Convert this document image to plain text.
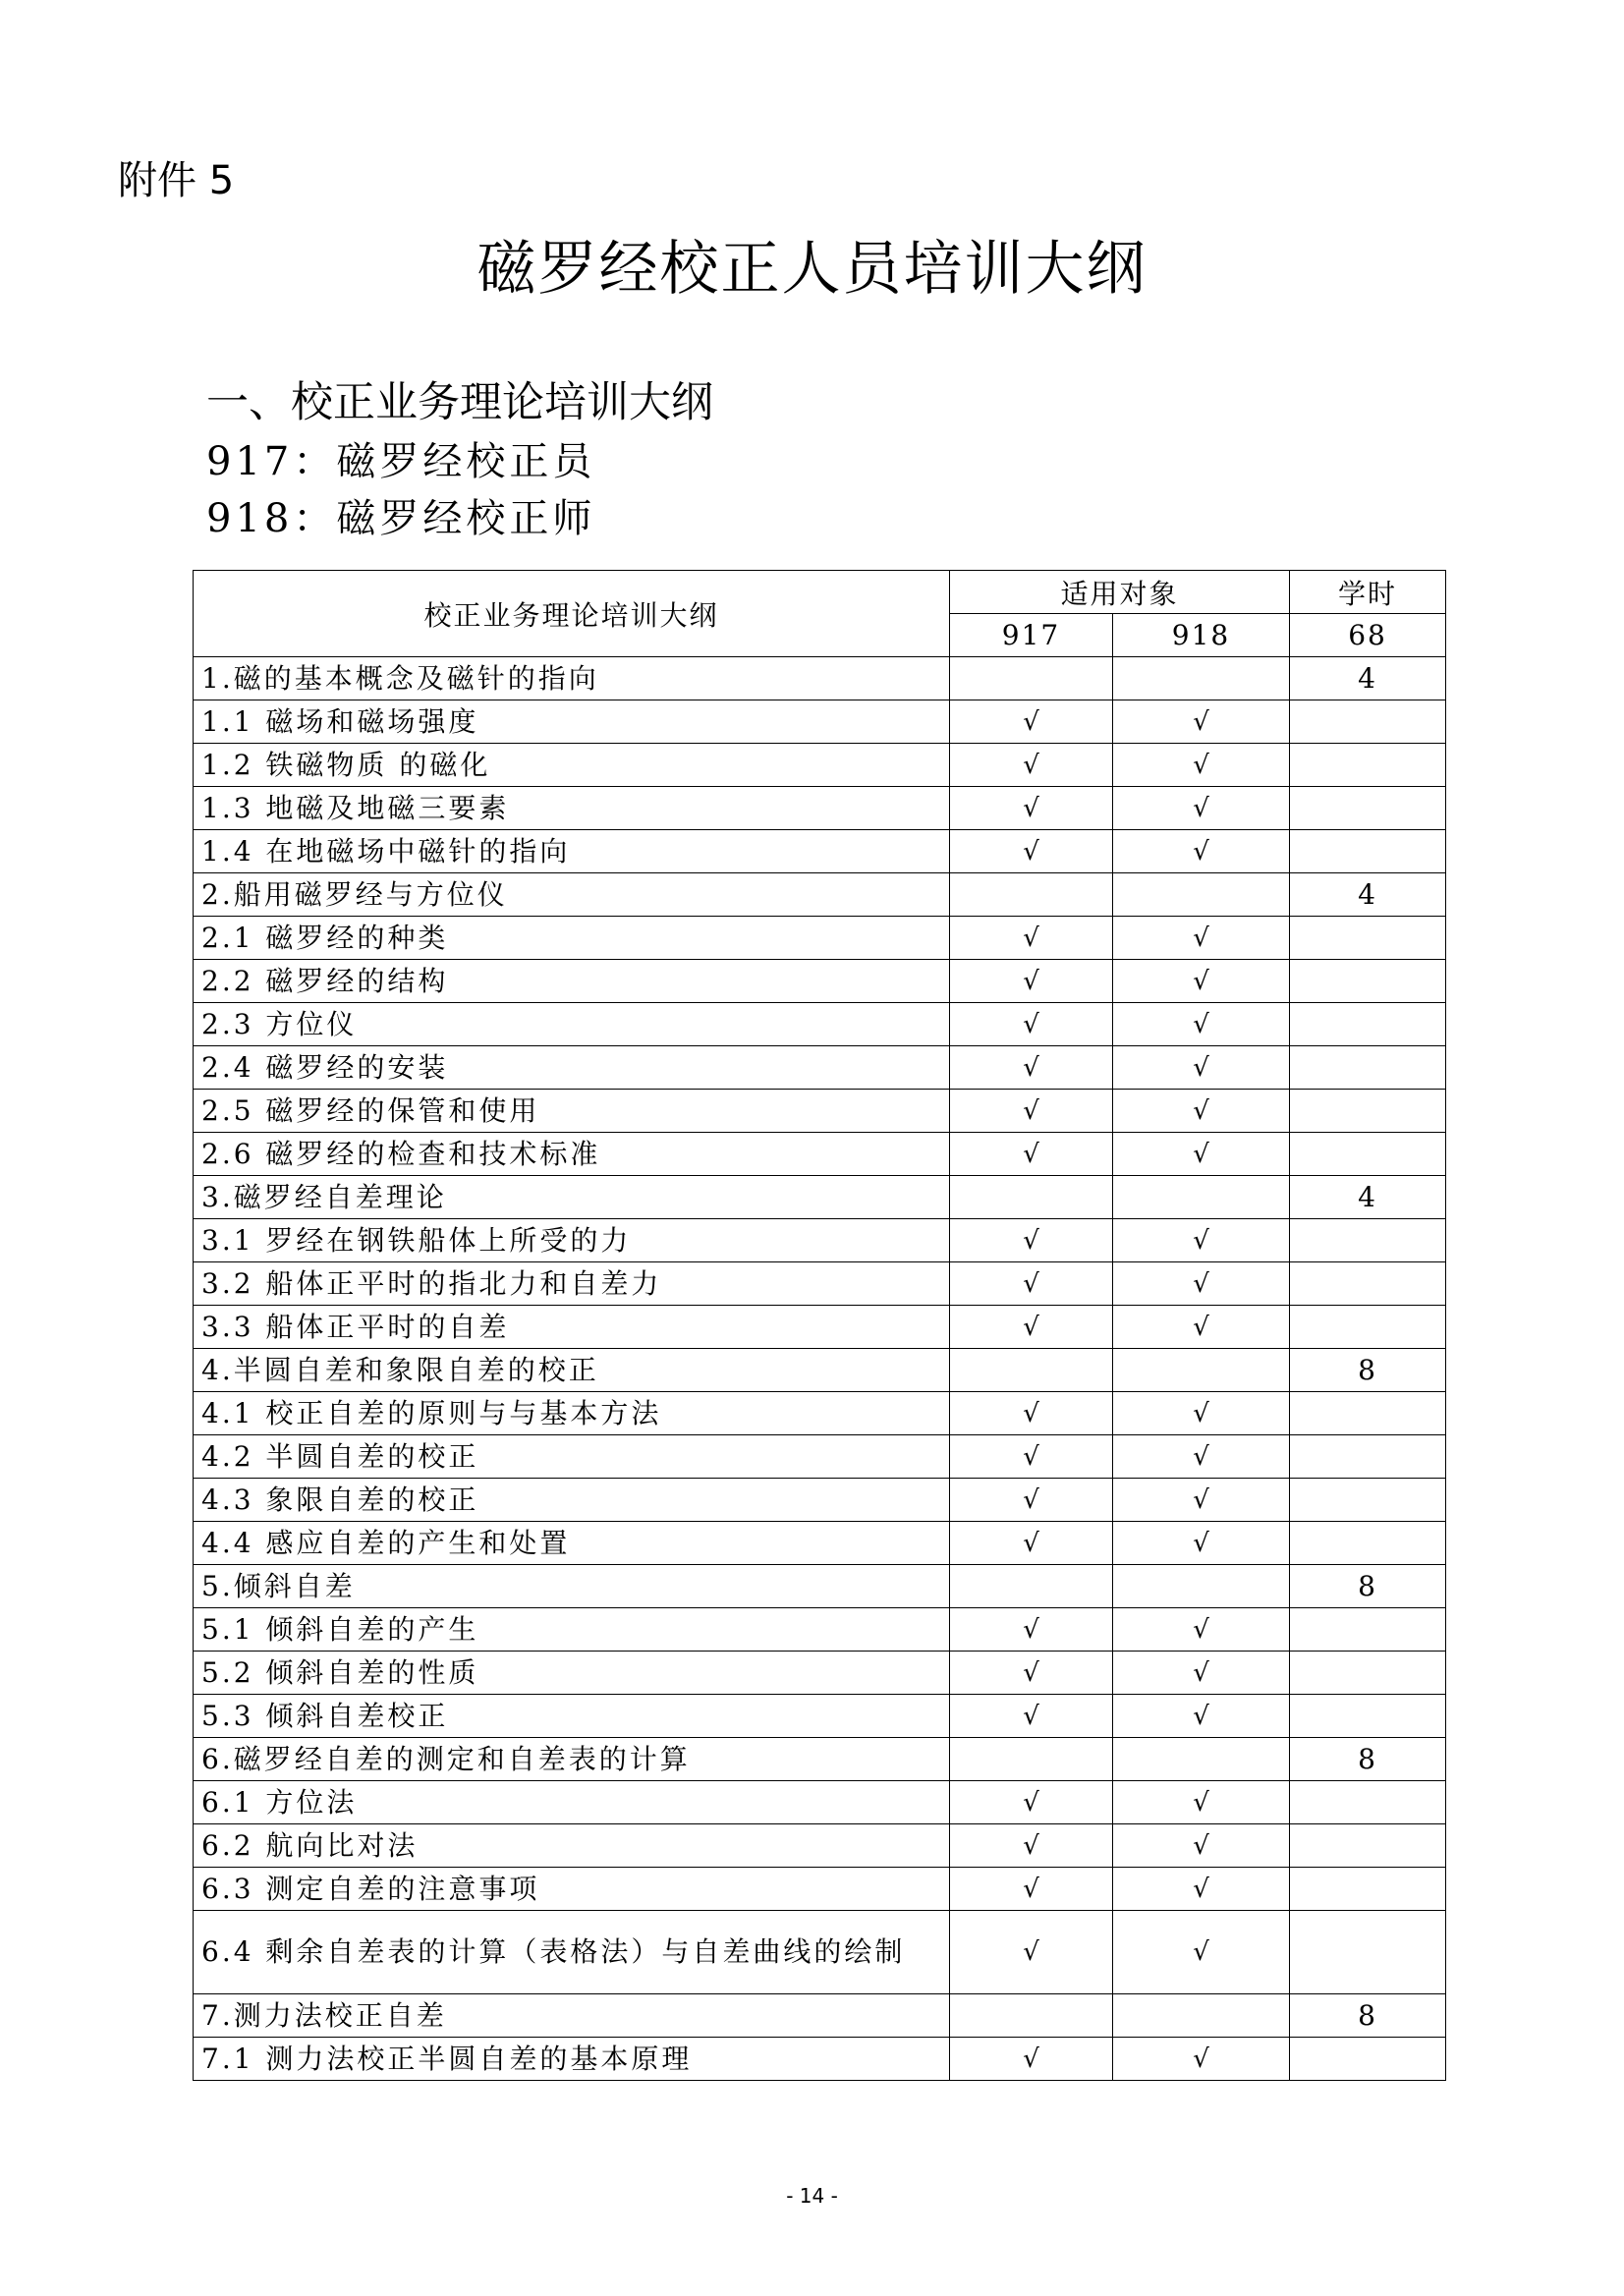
附件 5
磁罗经校正人员培训大纲
一、校正业务理论培训大纲
917：磁罗经校正员
918：磁罗经校正师
校正业务理论培训大纲	适用对象		学时
	917	918	68
1.磁的基本概念及磁针的指向			4
1.1 磁场和磁场强度	√	√	
1.2 铁磁物质 的磁化	√	√	
1.3 地磁及地磁三要素	√	√	
1.4 在地磁场中磁针的指向	√	√	
2.船用磁罗经与方位仪			4
2.1 磁罗经的种类	√	√	
2.2 磁罗经的结构	√	√	
2.3 方位仪	√	√	
2.4 磁罗经的安装	√	√	
2.5 磁罗经的保管和使用	√	√	
2.6 磁罗经的检查和技术标准	√	√	
3.磁罗经自差理论			4
3.1 罗经在钢铁船体上所受的力	√	√	
3.2 船体正平时的指北力和自差力	√	√	
3.3 船体正平时的自差	√	√	
4.半圆自差和象限自差的校正			8
4.1 校正自差的原则与与基本方法	√	√	
4.2 半圆自差的校正	√	√	
4.3 象限自差的校正	√	√	
4.4 感应自差的产生和处置	√	√	
5.倾斜自差			8
5.1 倾斜自差的产生	√	√	
5.2 倾斜自差的性质	√	√	
5.3 倾斜自差校正	√	√	
6.磁罗经自差的测定和自差表的计算			8
6.1 方位法	√	√	
6.2 航向比对法	√	√	
6.3 测定自差的注意事项	√	√	
6.4 剩余自差表的计算（表格法）与自差曲线的绘制	√	√	
7.测力法校正自差			8
7.1 测力法校正半圆自差的基本原理	√	√	
- 14 -
